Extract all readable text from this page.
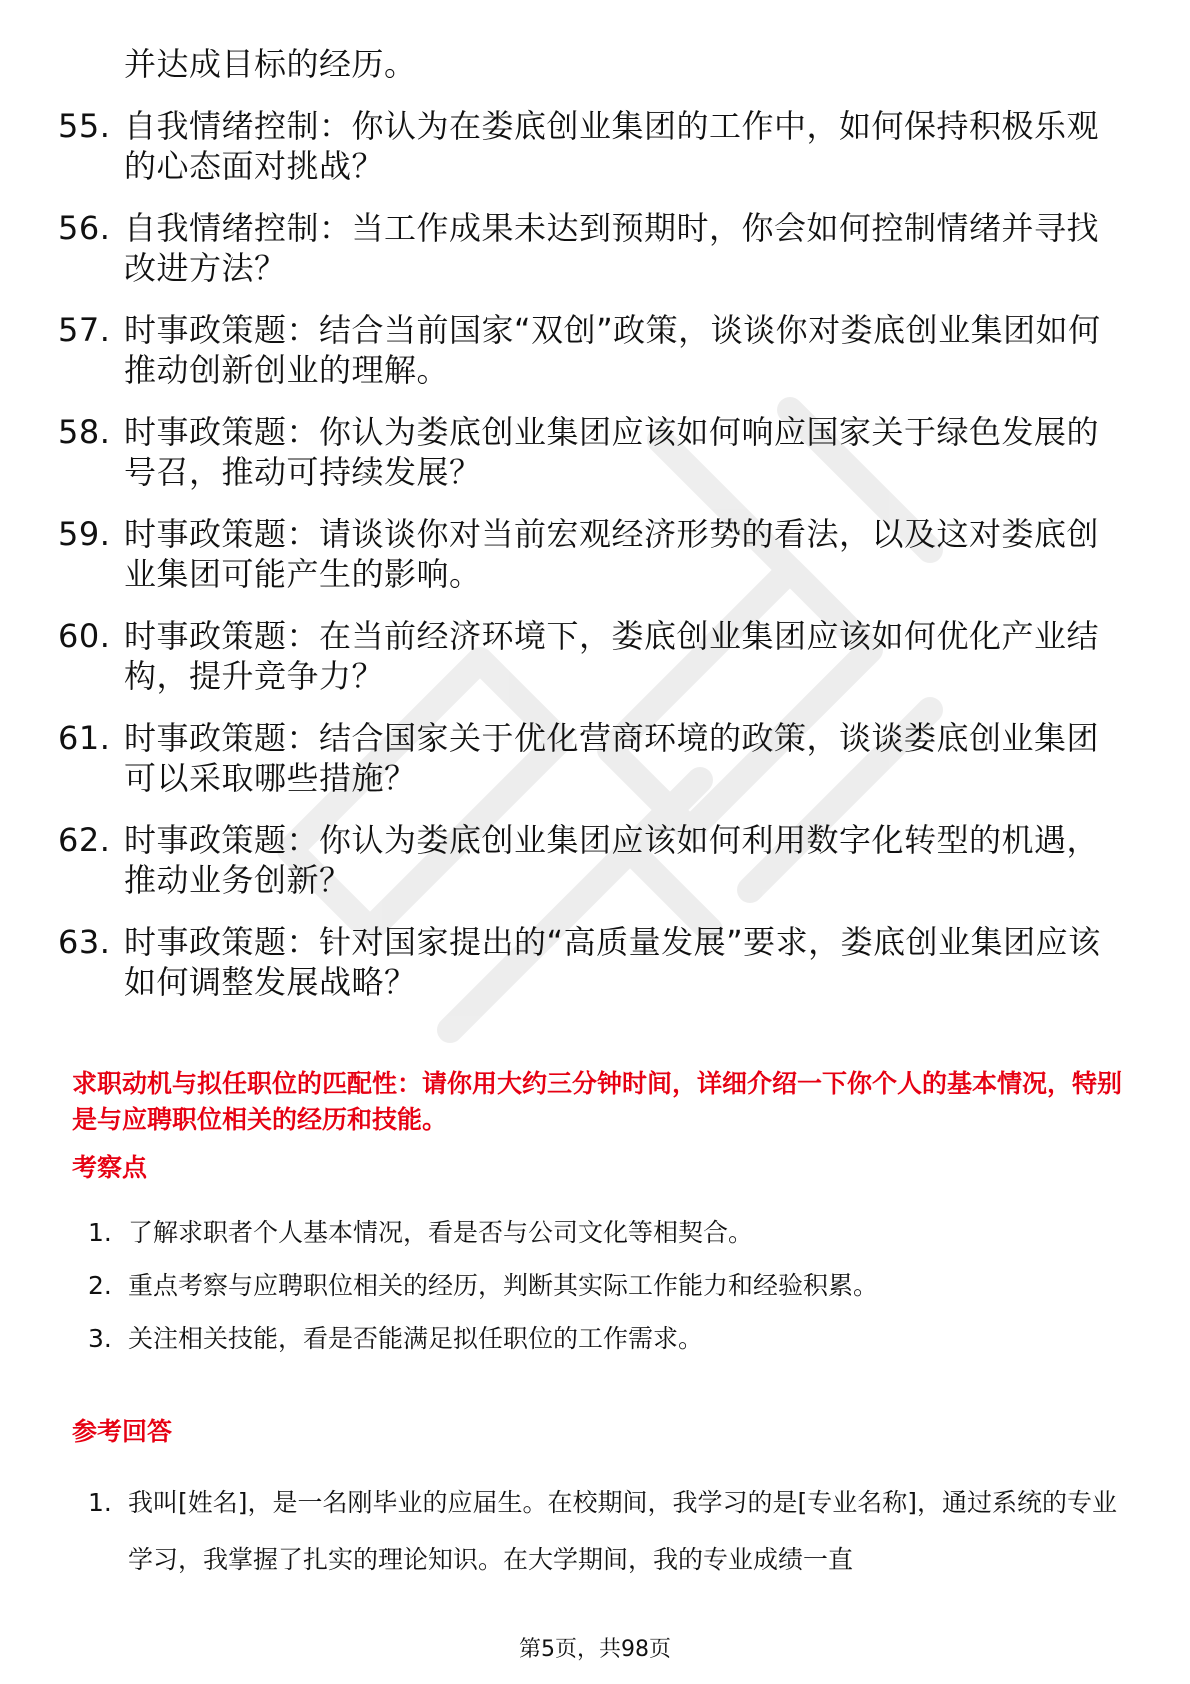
并达成目标的经历。
55. 自我情绪控制：你认为在娄底创业集团的工作中，如何保持积极乐观的心态面对挑战？
56. 自我情绪控制：当工作成果未达到预期时，你会如何控制情绪并寻找改进方法？
57. 时事政策题：结合当前国家“双创”政策，谈谈你对娄底创业集团如何推动创新创业的理解。
58. 时事政策题：你认为娄底创业集团应该如何响应国家关于绿色发展的号召，推动可持续发展？
59. 时事政策题：请谈谈你对当前宏观经济形势的看法，以及这对娄底创业集团可能产生的影响。
60. 时事政策题：在当前经济环境下，娄底创业集团应该如何优化产业结构，提升竞争力？
61. 时事政策题：结合国家关于优化营商环境的政策，谈谈娄底创业集团可以采取哪些措施？
62. 时事政策题：你认为娄底创业集团应该如何利用数字化转型的机遇，推动业务创新？
63. 时事政策题：针对国家提出的“高质量发展”要求，娄底创业集团应该如何调整发展战略？
求职动机与拟任职位的匹配性：请你用大约三分钟时间，详细介绍一下你个人的基本情况，特别是与应聘职位相关的经历和技能。
考察点
1. 了解求职者个人基本情况，看是否与公司文化等相契合。
2. 重点考察与应聘职位相关的经历，判断其实际工作能力和经验积累。
3. 关注相关技能，看是否能满足拟任职位的工作需求。
参考回答
1. 我叫[姓名]，是一名刚毕业的应届生。在校期间，我学习的是[专业名称]，通过系统的专业学习，我掌握了扎实的理论知识。在大学期间，我的专业成绩一直
第5页，共98页
